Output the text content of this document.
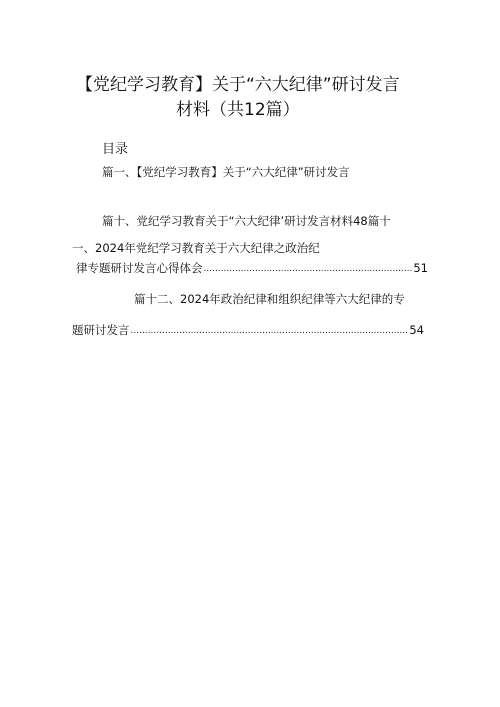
【党纪学习教育】关于“六大纪律”研讨发言
材料（共12篇）
目录
篇一、【党纪学习教育】关于“六大纪律”研讨发言
篇十、党纪学习教育关于“六大纪律’研讨发言材料48篇十
一、2024年党纪学习教育关于六大纪律之政治纪
律专题研讨发言心得体会 .....	51
篇十二、2024年政治纪律和组织纪律等六大纪律的专
题研讨发言 .....	54
